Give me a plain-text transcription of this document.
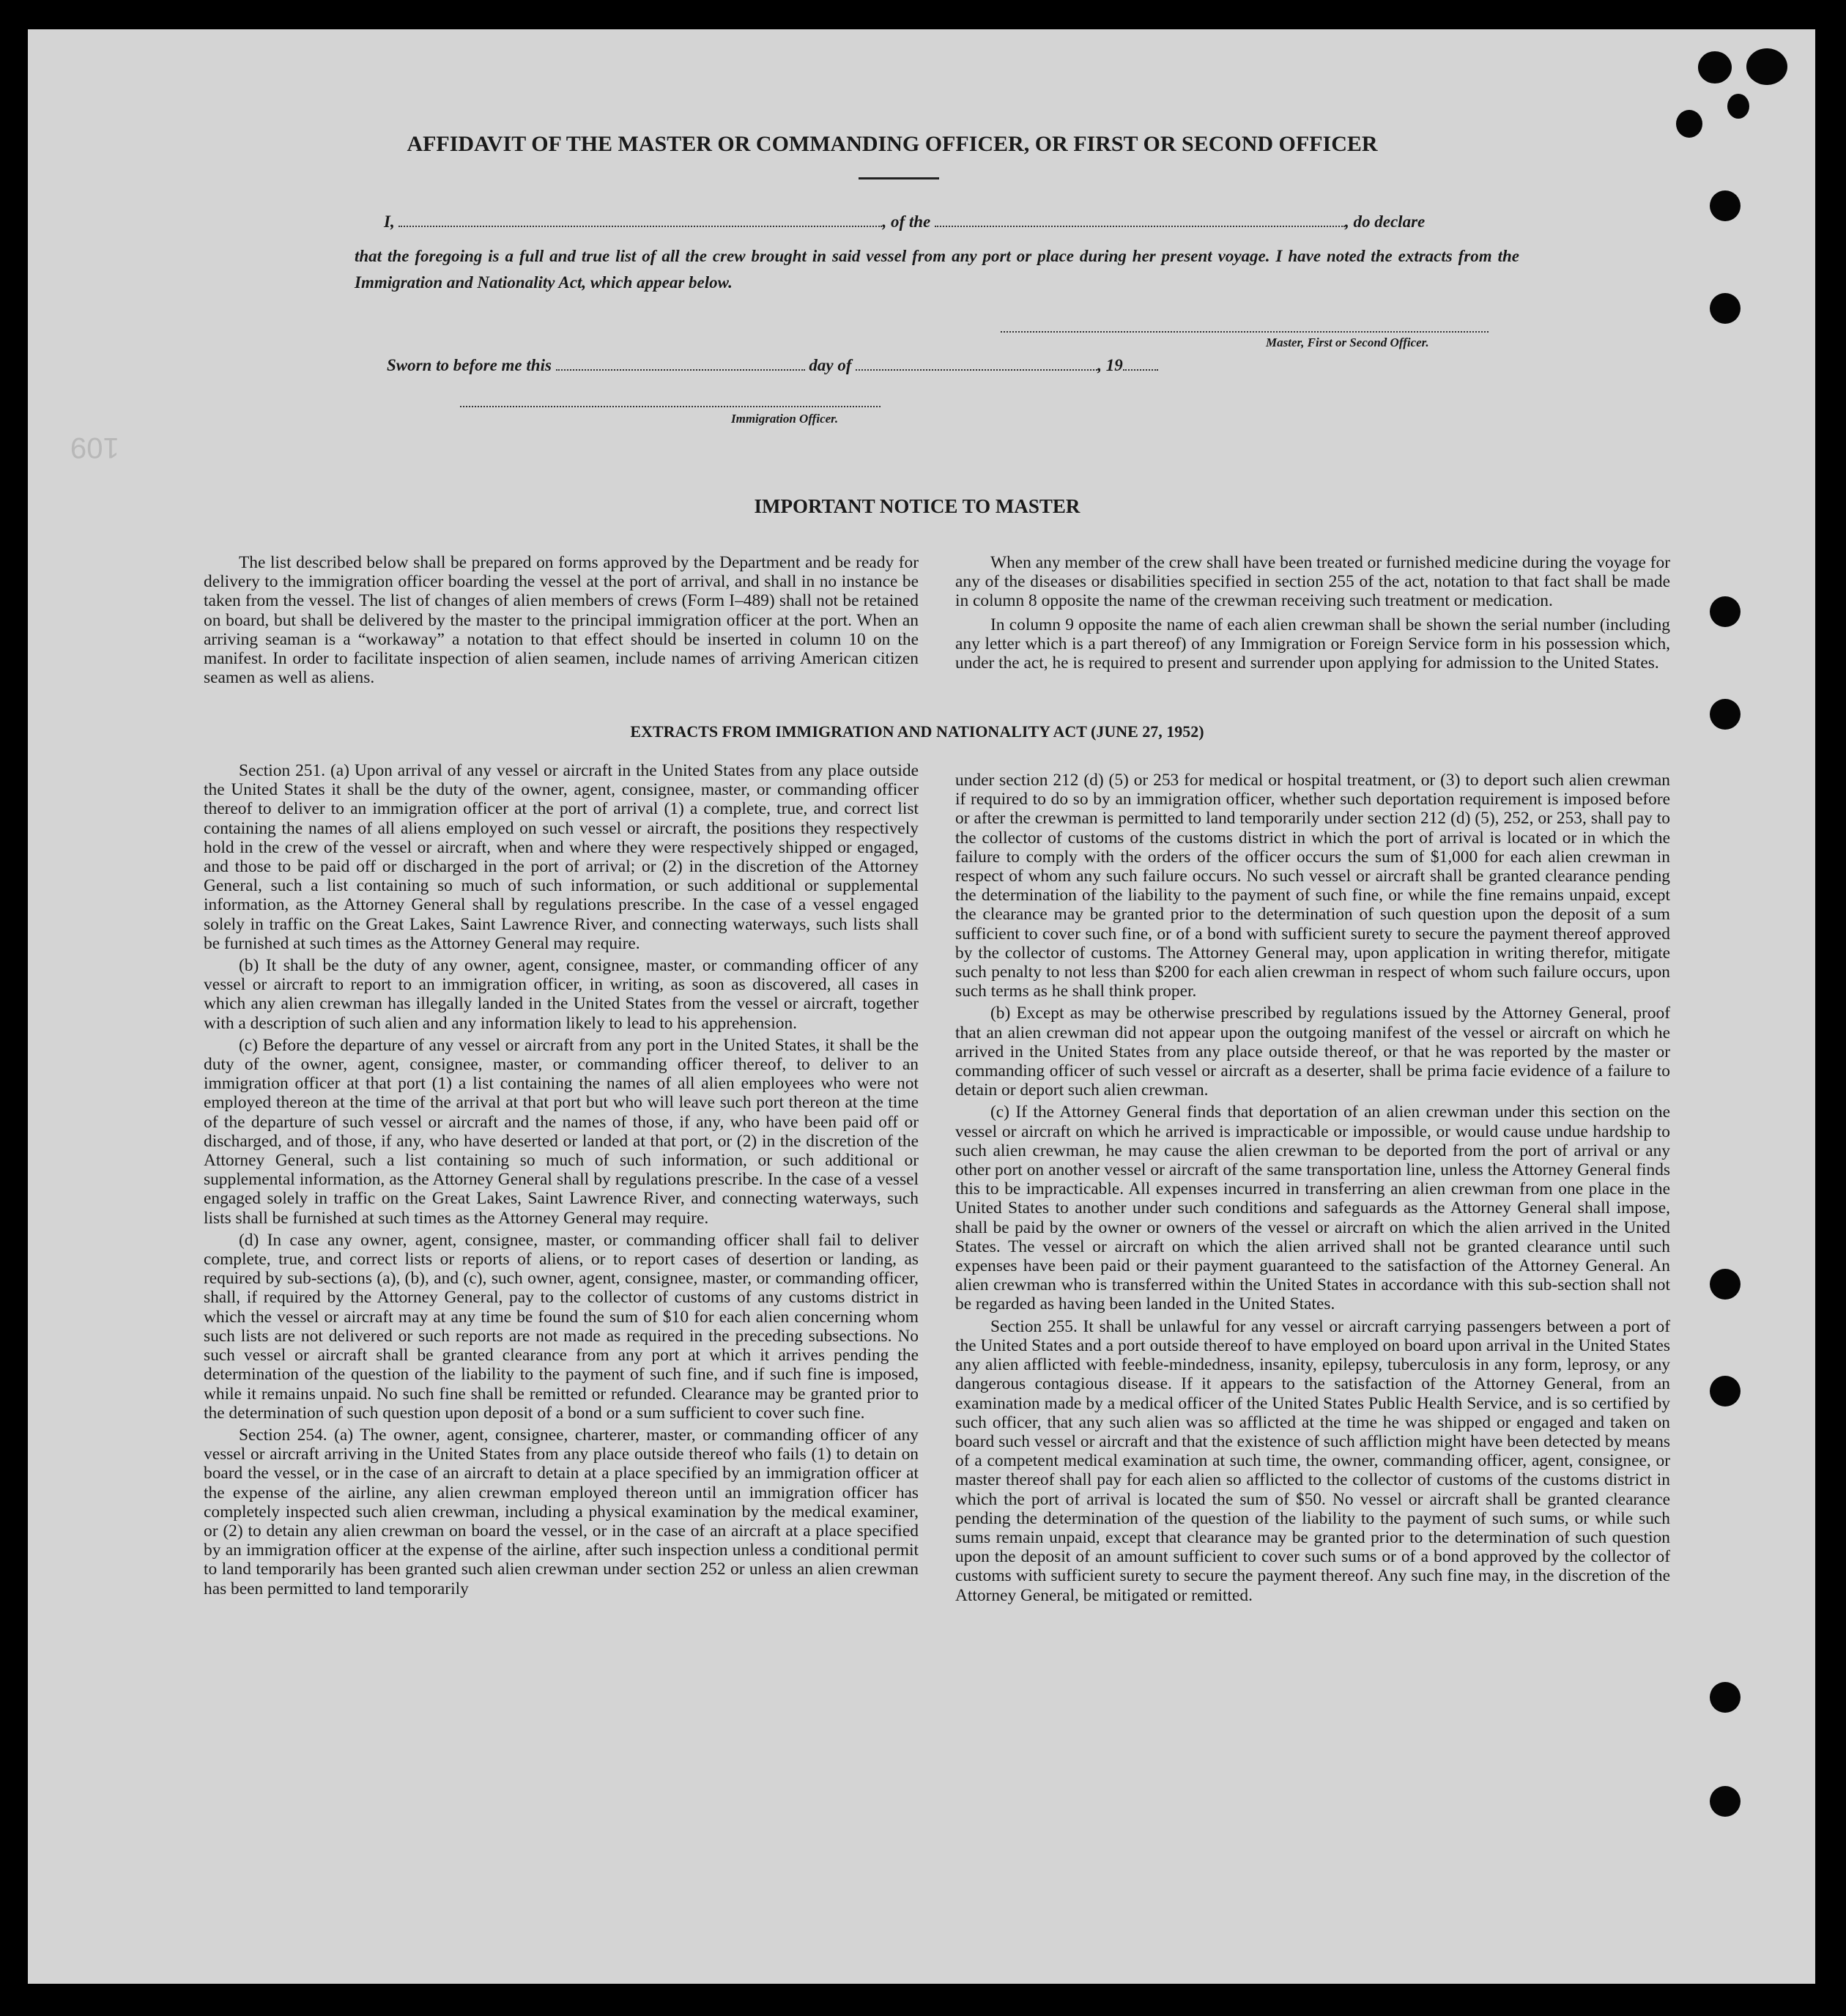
109
AFFIDAVIT OF THE MASTER OR COMMANDING OFFICER, OR FIRST OR SECOND OFFICER
I,	, of the	, do declare
that the foregoing is a full and true list of all the crew brought in said vessel from any port or place during her present voyage. I have noted the extracts from the Immigration and Nationality Act, which appear below.
Master, First or Second Officer.
Sworn to before me this	day of	, 19
Immigration Officer.
IMPORTANT NOTICE TO MASTER

The list described below shall be prepared on forms approved by the Department and be ready for delivery to the immigration officer boarding the vessel at the port of arrival, and shall in no instance be taken from the vessel. The list of changes of alien members of crews (Form I–489) shall not be retained on board, but shall be delivered by the master to the principal immigration officer at the port. When an arriving seaman is a “workaway” a notation to that effect should be inserted in column 10 on the manifest. In order to facilitate inspection of alien seamen, include names of arriving American citizen seamen as well as aliens.

When any member of the crew shall have been treated or furnished medicine during the voyage for any of the diseases or disabilities specified in section 255 of the act, notation to that fact shall be made in column 8 opposite the name of the crewman receiving such treatment or medication.

In column 9 opposite the name of each alien crewman shall be shown the serial number (including any letter which is a part thereof) of any Immigration or Foreign Service form in his possession which, under the act, he is required to present and surrender upon applying for admission to the United States.

EXTRACTS FROM IMMIGRATION AND NATIONALITY ACT (JUNE 27, 1952)

Section 251. (a) Upon arrival of any vessel or aircraft in the United States from any place outside the United States it shall be the duty of the owner, agent, consignee, master, or commanding officer thereof to deliver to an immigration officer at the port of arrival (1) a complete, true, and correct list containing the names of all aliens employed on such vessel or aircraft, the positions they respectively hold in the crew of the vessel or aircraft, when and where they were respectively shipped or engaged, and those to be paid off or discharged in the port of arrival; or (2) in the discretion of the Attorney General, such a list containing so much of such information, or such additional or supplemental information, as the Attorney General shall by regulations prescribe. In the case of a vessel engaged solely in traffic on the Great Lakes, Saint Lawrence River, and connecting waterways, such lists shall be furnished at such times as the Attorney General may require.

(b) It shall be the duty of any owner, agent, consignee, master, or commanding officer of any vessel or aircraft to report to an immigration officer, in writing, as soon as discovered, all cases in which any alien crewman has illegally landed in the United States from the vessel or aircraft, together with a description of such alien and any information likely to lead to his apprehension.

(c) Before the departure of any vessel or aircraft from any port in the United States, it shall be the duty of the owner, agent, consignee, master, or commanding officer thereof, to deliver to an immigration officer at that port (1) a list containing the names of all alien employees who were not employed thereon at the time of the arrival at that port but who will leave such port thereon at the time of the departure of such vessel or aircraft and the names of those, if any, who have been paid off or discharged, and of those, if any, who have deserted or landed at that port, or (2) in the discretion of the Attorney General, such a list containing so much of such information, or such additional or supplemental information, as the Attorney General shall by regulations prescribe. In the case of a vessel engaged solely in traffic on the Great Lakes, Saint Lawrence River, and connecting waterways, such lists shall be furnished at such times as the Attorney General may require.

(d) In case any owner, agent, consignee, master, or commanding officer shall fail to deliver complete, true, and correct lists or reports of aliens, or to report cases of desertion or landing, as required by sub-sections (a), (b), and (c), such owner, agent, consignee, master, or commanding officer, shall, if required by the Attorney General, pay to the collector of customs of any customs district in which the vessel or aircraft may at any time be found the sum of $10 for each alien concerning whom such lists are not delivered or such reports are not made as required in the preceding subsections. No such vessel or aircraft shall be granted clearance from any port at which it arrives pending the determination of the question of the liability to the payment of such fine, and if such fine is imposed, while it remains unpaid. No such fine shall be remitted or refunded. Clearance may be granted prior to the determination of such question upon deposit of a bond or a sum sufficient to cover such fine.

Section 254. (a) The owner, agent, consignee, charterer, master, or commanding officer of any vessel or aircraft arriving in the United States from any place outside thereof who fails (1) to detain on board the vessel, or in the case of an aircraft to detain at a place specified by an immigration officer at the expense of the airline, any alien crewman employed thereon until an immigration officer has completely inspected such alien crewman, including a physical examination by the medical examiner, or (2) to detain any alien crewman on board the vessel, or in the case of an aircraft at a place specified by an immigration officer at the expense of the airline, after such inspection unless a conditional permit to land temporarily has been granted such alien crewman under section 252 or unless an alien crewman has been permitted to land temporarily

under section 212 (d) (5) or 253 for medical or hospital treatment, or (3) to deport such alien crewman if required to do so by an immigration officer, whether such deportation requirement is imposed before or after the crewman is permitted to land temporarily under section 212 (d) (5), 252, or 253, shall pay to the collector of customs of the customs district in which the port of arrival is located or in which the failure to comply with the orders of the officer occurs the sum of $1,000 for each alien crewman in respect of whom any such failure occurs. No such vessel or aircraft shall be granted clearance pending the determination of the liability to the payment of such fine, or while the fine remains unpaid, except the clearance may be granted prior to the determination of such question upon the deposit of a sum sufficient to cover such fine, or of a bond with sufficient surety to secure the payment thereof approved by the collector of customs. The Attorney General may, upon application in writing therefor, mitigate such penalty to not less than $200 for each alien crewman in respect of whom such failure occurs, upon such terms as he shall think proper.

(b) Except as may be otherwise prescribed by regulations issued by the Attorney General, proof that an alien crewman did not appear upon the outgoing manifest of the vessel or aircraft on which he arrived in the United States from any place outside thereof, or that he was reported by the master or commanding officer of such vessel or aircraft as a deserter, shall be prima facie evidence of a failure to detain or deport such alien crewman.

(c) If the Attorney General finds that deportation of an alien crewman under this section on the vessel or aircraft on which he arrived is impracticable or impossible, or would cause undue hardship to such alien crewman, he may cause the alien crewman to be deported from the port of arrival or any other port on another vessel or aircraft of the same transportation line, unless the Attorney General finds this to be impracticable. All expenses incurred in transferring an alien crewman from one place in the United States to another under such conditions and safeguards as the Attorney General shall impose, shall be paid by the owner or owners of the vessel or aircraft on which the alien arrived in the United States. The vessel or aircraft on which the alien arrived shall not be granted clearance until such expenses have been paid or their payment guaranteed to the satisfaction of the Attorney General. An alien crewman who is transferred within the United States in accordance with this sub-section shall not be regarded as having been landed in the United States.

Section 255. It shall be unlawful for any vessel or aircraft carrying passengers between a port of the United States and a port outside thereof to have employed on board upon arrival in the United States any alien afflicted with feeble-mindedness, insanity, epilepsy, tuberculosis in any form, leprosy, or any dangerous contagious disease. If it appears to the satisfaction of the Attorney General, from an examination made by a medical officer of the United States Public Health Service, and is so certified by such officer, that any such alien was so afflicted at the time he was shipped or engaged and taken on board such vessel or aircraft and that the existence of such affliction might have been detected by means of a competent medical examination at such time, the owner, commanding officer, agent, consignee, or master thereof shall pay for each alien so afflicted to the collector of customs of the customs district in which the port of arrival is located the sum of $50. No vessel or aircraft shall be granted clearance pending the determination of the question of the liability to the payment of such sums, or while such sums remain unpaid, except that clearance may be granted prior to the determination of such question upon the deposit of an amount sufficient to cover such sums or of a bond approved by the collector of customs with sufficient surety to secure the payment thereof. Any such fine may, in the discretion of the Attorney General, be mitigated or remitted.
